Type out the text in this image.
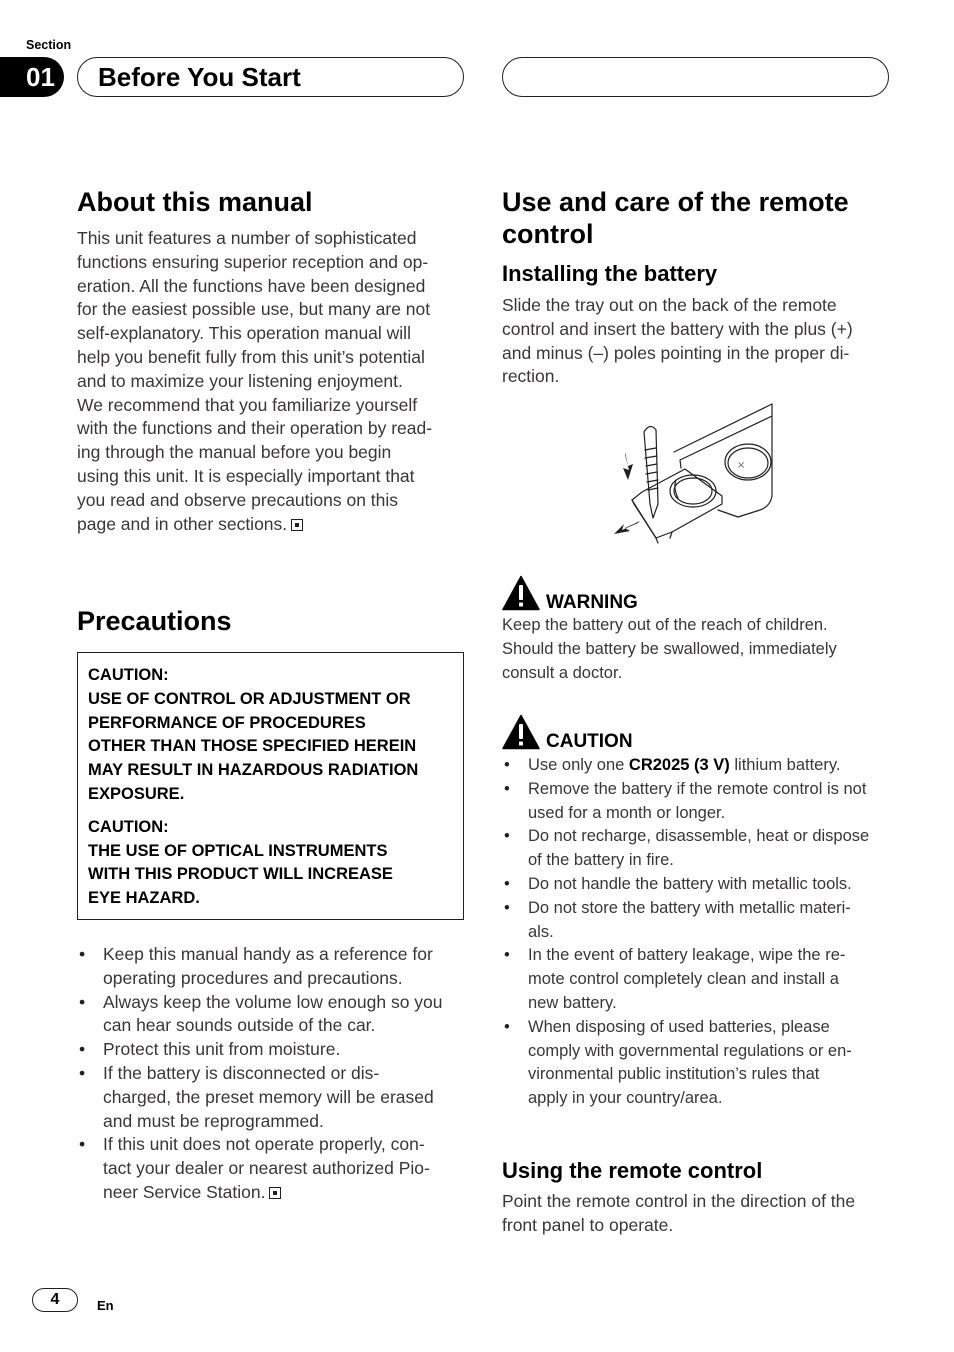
Section
01	Before You Start
About this manual

This unit features a number of sophisticated
functions ensuring superior reception and op-
eration. All the functions have been designed
for the easiest possible use, but many are not
self-explanatory. This operation manual will
help you benefit fully from this unit’s potential
and to maximize your listening enjoyment.
We recommend that you familiarize yourself
with the functions and their operation by read-
ing through the manual before you begin
using this unit. It is especially important that
you read and observe precautions on this
page and in other sections.

Precautions

CAUTION:
USE OF CONTROL OR ADJUSTMENT OR
PERFORMANCE OF PROCEDURES
OTHER THAN THOSE SPECIFIED HEREIN
MAY RESULT IN HAZARDOUS RADIATION
EXPOSURE.

CAUTION:
THE USE OF OPTICAL INSTRUMENTS
WITH THIS PRODUCT WILL INCREASE
EYE HAZARD.

• Keep this manual handy as a reference for
operating procedures and precautions.
• Always keep the volume low enough so you
can hear sounds outside of the car.
• Protect this unit from moisture.
• If the battery is disconnected or dis-
charged, the preset memory will be erased
and must be reprogrammed.
• If this unit does not operate properly, con-
tact your dealer or nearest authorized Pio-
neer Service Station.
Use and care of the remote
control
Installing the battery

Slide the tray out on the back of the remote
control and insert the battery with the plus (+)
and minus (–) poles pointing in the proper di-
rection.

×
WARNING

Keep the battery out of the reach of children.
Should the battery be swallowed, immediately
consult a doctor.

CAUTION
• Use only one CR2025 (3 V) lithium battery.
• Remove the battery if the remote control is not
used for a month or longer.
• Do not recharge, disassemble, heat or dispose
of the battery in fire.
• Do not handle the battery with metallic tools.
• Do not store the battery with metallic materi-
als.
• In the event of battery leakage, wipe the re-
mote control completely clean and install a
new battery.
• When disposing of used batteries, please
comply with governmental regulations or en-
vironmental public institution’s rules that
apply in your country/area.
Using the remote control

Point the remote control in the direction of the
front panel to operate.

4	En
